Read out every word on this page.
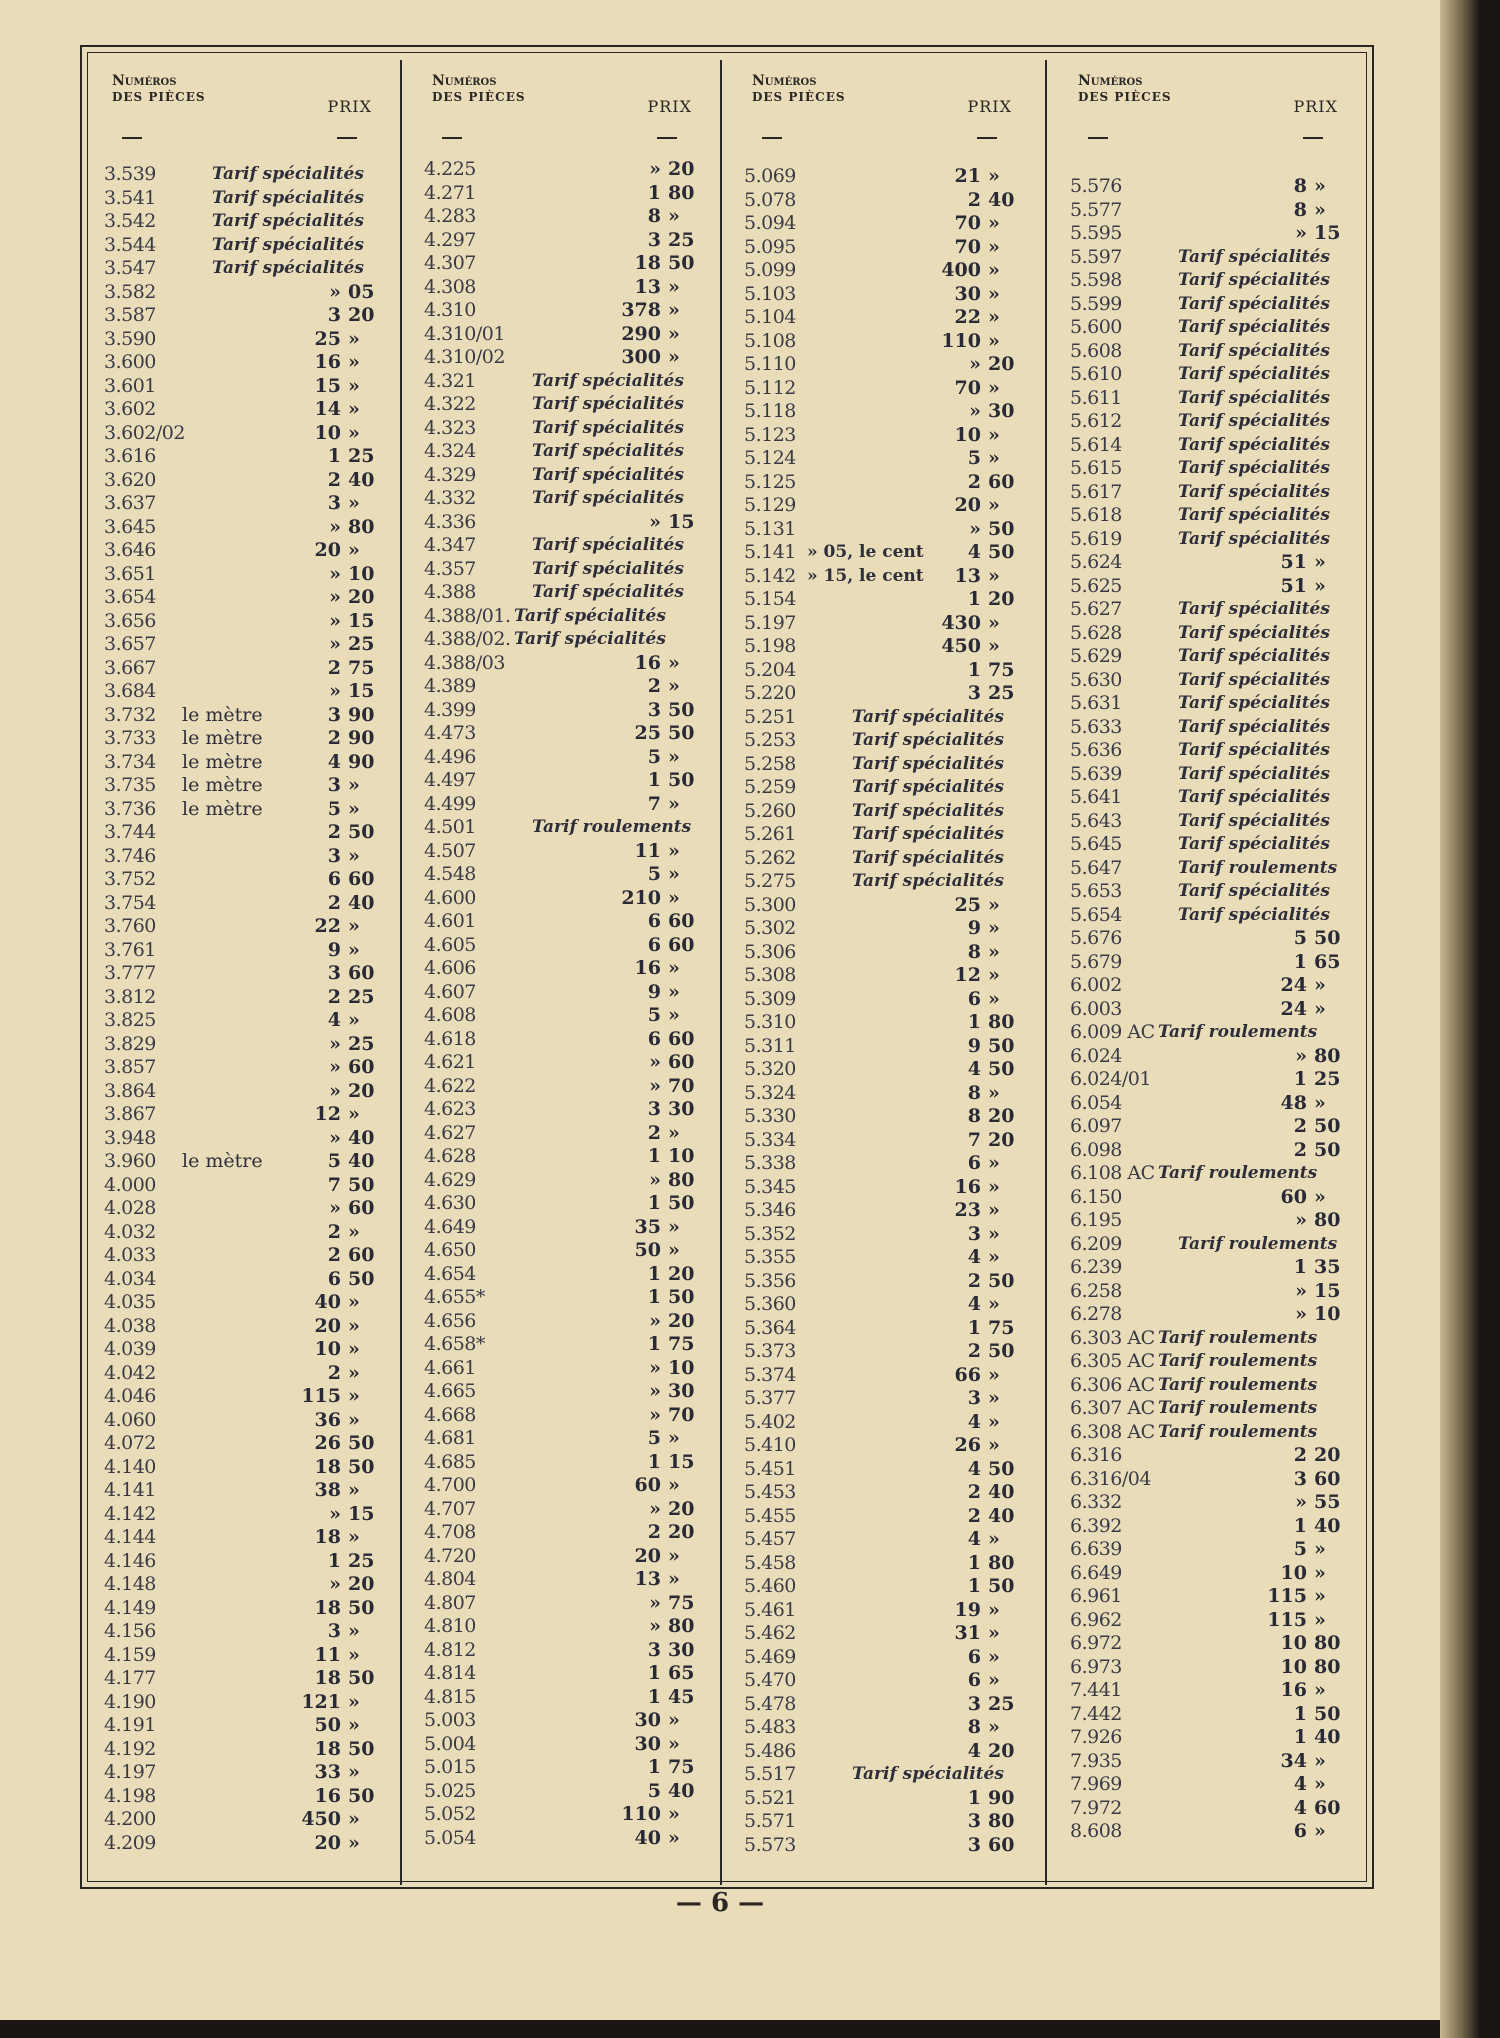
Numéros
DES PIÈCES	PRIX
3.539	Tarif spécialités
3.541	Tarif spécialités
3.542	Tarif spécialités
3.544	Tarif spécialités
3.547	Tarif spécialités
3.582	» 05
3.587	3 20
3.590	25 »
3.600	16 »
3.601	15 »
3.602	14 »
3.602/02	10 »
3.616	1 25
3.620	2 40
3.637	3 »
3.645	» 80
3.646	20 »
3.651	» 10
3.654	» 20
3.656	» 15
3.657	» 25
3.667	2 75
3.684	» 15
3.732 le mètre	3 90
3.733 le mètre	2 90
3.734 le mètre	4 90
3.735 le mètre	3 »
3.736 le mètre	5 »
3.744	2 50
3.746	3 »
3.752	6 60
3.754	2 40
3.760	22 »
3.761	9 »
3.777	3 60
3.812	2 25
3.825	4 »
3.829	» 25
3.857	» 60
3.864	» 20
3.867	12 »
3.948	» 40
3.960 le mètre	5 40
4.000	7 50
4.028	» 60
4.032	2 »
4.033	2 60
4.034	6 50
4.035	40 »
4.038	20 »
4.039	10 »
4.042	2 »
4.046	115 »
4.060	36 »
4.072	26 50
4.140	18 50
4.141	38 »
4.142	» 15
4.144	18 »
4.146	1 25
4.148	» 20
4.149	18 50
4.156	3 »
4.159	11 »
4.177	18 50
4.190	121 »
4.191	50 »
4.192	18 50
4.197	33 »
4.198	16 50
4.200	450 »
4.209	20 »
Numéros
DES PIÈCES	PRIX
4.225	» 20
4.271	1 80
4.283	8 »
4.297	3 25
4.307	18 50
4.308	13 »
4.310	378 »
4.310/01	290 »
4.310/02	300 »
4.321	Tarif spécialités
4.322	Tarif spécialités
4.323	Tarif spécialités
4.324	Tarif spécialités
4.329	Tarif spécialités
4.332	Tarif spécialités
4.336	» 15
4.347	Tarif spécialités
4.357	Tarif spécialités
4.388	Tarif spécialités
4.388/01. Tarif spécialités
4.388/02. Tarif spécialités
4.388/03	16 »
4.389	2 »
4.399	3 50
4.473	25 50
4.496	5 »
4.497	1 50
4.499	7 »
4.501	Tarif roulements
4.507	11 »
4.548	5 »
4.600	210 »
4.601	6 60
4.605	6 60
4.606	16 »
4.607	9 »
4.608	5 »
4.618	6 60
4.621	» 60
4.622	» 70
4.623	3 30
4.627	2 »
4.628	1 10
4.629	» 80
4.630	1 50
4.649	35 »
4.650	50 »
4.654	1 20
4.655*	1 50
4.656	» 20
4.658*	1 75
4.661	» 10
4.665	» 30
4.668	» 70
4.681	5 »
4.685	1 15
4.700	60 »
4.707	» 20
4.708	2 20
4.720	20 »
4.804	13 »
4.807	» 75
4.810	» 80
4.812	3 30
4.814	1 65
4.815	1 45
5.003	30 »
5.004	30 »
5.015	1 75
5.025	5 40
5.052	110 »
5.054	40 »
Numéros
DES PIÈCES	PRIX
5.069	21 »
5.078	2 40
5.094	70 »
5.095	70 »
5.099	400 »
5.103	30 »
5.104	22 »
5.108	110 »
5.110	» 20
5.112	70 »
5.118	» 30
5.123	10 »
5.124	5 »
5.125	2 60
5.129	20 »
5.131	» 50
5.141 » 05, le cent	4 50
5.142 » 15, le cent	13 »
5.154	1 20
5.197	430 »
5.198	450 »
5.204	1 75
5.220	3 25
5.251	Tarif spécialités
5.253	Tarif spécialités
5.258	Tarif spécialités
5.259	Tarif spécialités
5.260	Tarif spécialités
5.261	Tarif spécialités
5.262	Tarif spécialités
5.275	Tarif spécialités
5.300	25 »
5.302	9 »
5.306	8 »
5.308	12 »
5.309	6 »
5.310	1 80
5.311	9 50
5.320	4 50
5.324	8 »
5.330	8 20
5.334	7 20
5.338	6 »
5.345	16 »
5.346	23 »
5.352	3 »
5.355	4 »
5.356	2 50
5.360	4 »
5.364	1 75
5.373	2 50
5.374	66 »
5.377	3 »
5.402	4 »
5.410	26 »
5.451	4 50
5.453	2 40
5.455	2 40
5.457	4 »
5.458	1 80
5.460	1 50
5.461	19 »
5.462	31 »
5.469	6 »
5.470	6 »
5.478	3 25
5.483	8 »
5.486	4 20
5.517	Tarif spécialités
5.521	1 90
5.571	3 80
5.573	3 60
Numéros
DES PIÈCES	PRIX
5.576	8 »
5.577	8 »
5.595	» 15
5.597	Tarif spécialités
5.598	Tarif spécialités
5.599	Tarif spécialités
5.600	Tarif spécialités
5.608	Tarif spécialités
5.610	Tarif spécialités
5.611	Tarif spécialités
5.612	Tarif spécialités
5.614	Tarif spécialités
5.615	Tarif spécialités
5.617	Tarif spécialités
5.618	Tarif spécialités
5.619	Tarif spécialités
5.624	51 »
5.625	51 »
5.627	Tarif spécialités
5.628	Tarif spécialités
5.629	Tarif spécialités
5.630	Tarif spécialités
5.631	Tarif spécialités
5.633	Tarif spécialités
5.636	Tarif spécialités
5.639	Tarif spécialités
5.641	Tarif spécialités
5.643	Tarif spécialités
5.645	Tarif spécialités
5.647	Tarif roulements
5.653	Tarif spécialités
5.654	Tarif spécialités
5.676	5 50
5.679	1 65
6.002	24 »
6.003	24 »
6.009 AC Tarif roulements
6.024	» 80
6.024/01	1 25
6.054	48 »
6.097	2 50
6.098	2 50
6.108 AC Tarif roulements
6.150	60 »
6.195	» 80
6.209	Tarif roulements
6.239	1 35
6.258	» 15
6.278	» 10
6.303 AC Tarif roulements
6.305 AC Tarif roulements
6.306 AC Tarif roulements
6.307 AC Tarif roulements
6.308 AC Tarif roulements
6.316	2 20
6.316/04	3 60
6.332	» 55
6.392	1 40
6.639	5 »
6.649	10 »
6.961	115 »
6.962	115 »
6.972	10 80
6.973	10 80
7.441	16 »
7.442	1 50
7.926	1 40
7.935	34 »
7.969	4 »
7.972	4 60
8.608	6 »
— 6 —
